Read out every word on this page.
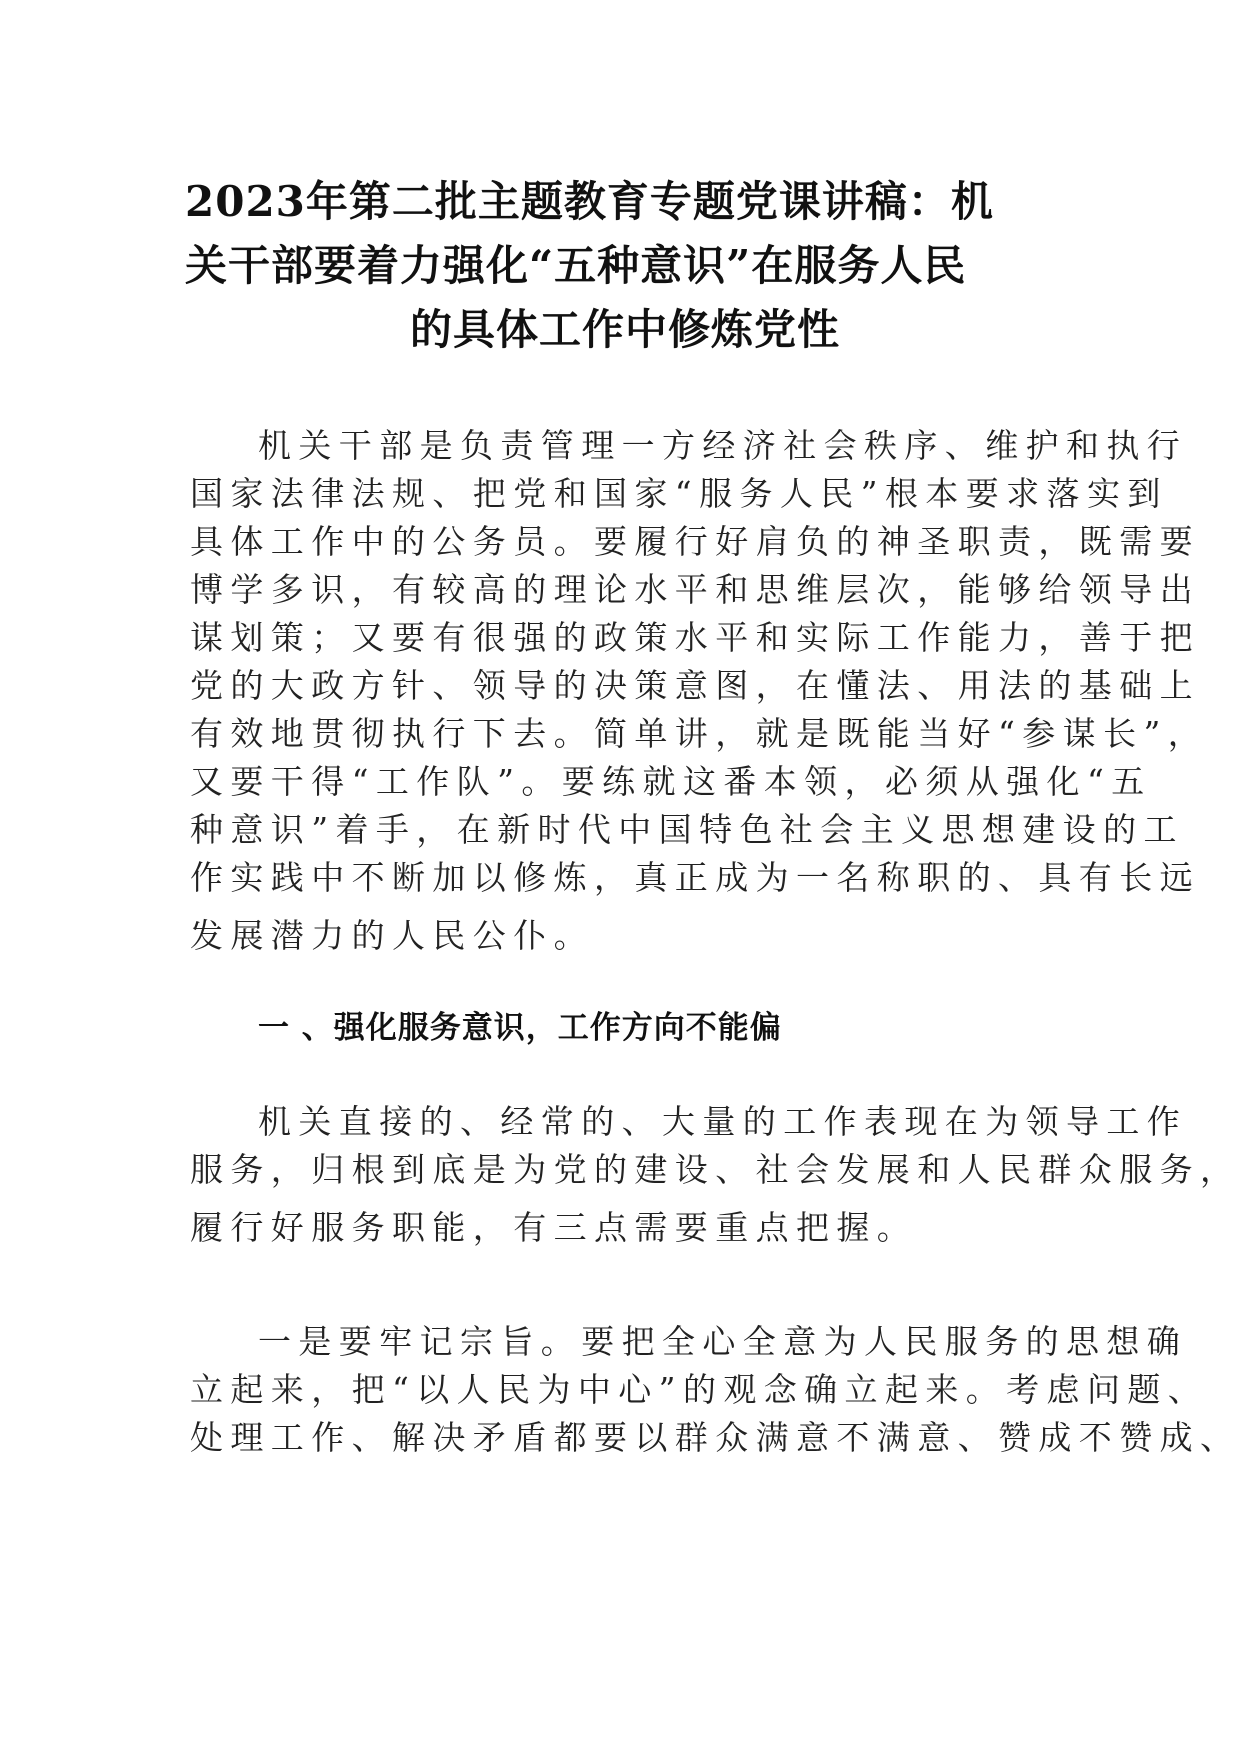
2023年第二批主题教育专题党课讲稿：机
关干部要着力强化“五种意识”在服务人民
的具体工作中修炼党性
机关干部是负责管理一方经济社会秩序、维护和执行
国家法律法规、把党和国家“服务人民”根本要求落实到
具体工作中的公务员。要履行好肩负的神圣职责，既需要
博学多识，有较高的理论水平和思维层次，能够给领导出
谋划策；又要有很强的政策水平和实际工作能力，善于把
党的大政方针、领导的决策意图，在懂法、用法的基础上
有效地贯彻执行下去。简单讲，就是既能当好“参谋长”，
又要干得“工作队”。要练就这番本领，必须从强化“五
种意识”着手，在新时代中国特色社会主义思想建设的工
作实践中不断加以修炼，真正成为一名称职的、具有长远
发展潜力的人民公仆。
一 、强化服务意识，工作方向不能偏
机关直接的、经常的、大量的工作表现在为领导工作
服务，归根到底是为党的建设、社会发展和人民群众服务，
履行好服务职能，有三点需要重点把握。
一是要牢记宗旨。要把全心全意为人民服务的思想确
立起来，把“以人民为中心”的观念确立起来。考虑问题、
处理工作、解决矛盾都要以群众满意不满意、赞成不赞成、
